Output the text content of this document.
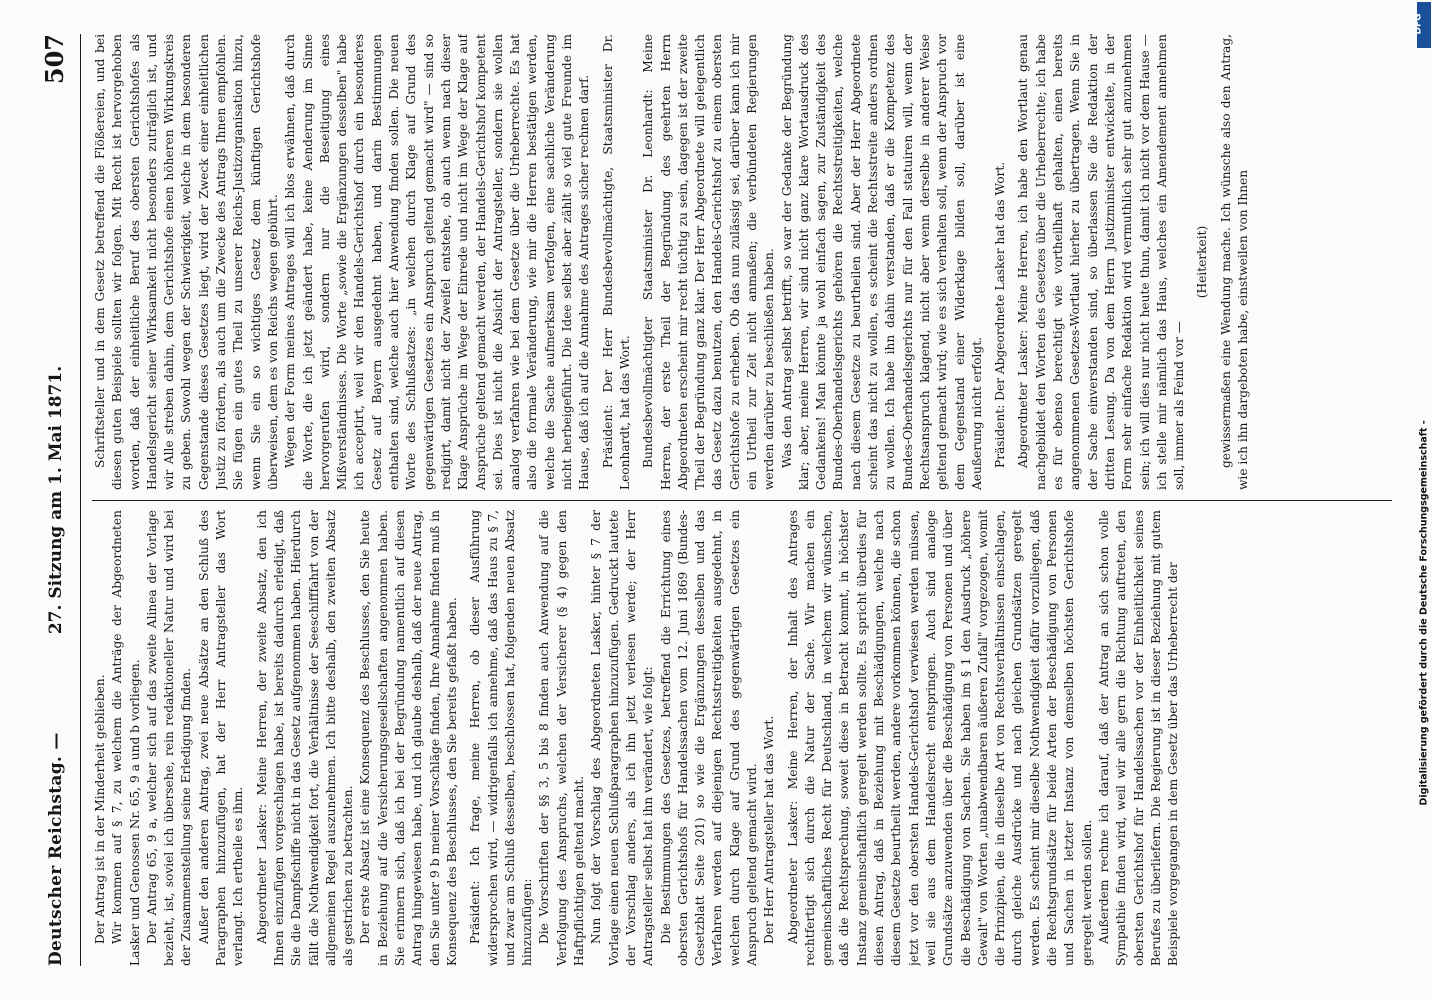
Deutscher Reichstag. —
27. Sitzung am 1. Mai 1871.
507

Der Antrag ist in der Minderheit geblieben. Wir kommen auf § 7, zu welchem die Anträge der Abgeordneten Lasker und Genossen Nr. 65, 9 a und b vorliegen. Der Antrag 65, 9 a, welcher sich auf das zweite Alinea der Vorlage bezieht, ist, soviel ich übersehe, rein redaktioneller Natur und wird bei der Zusammenstellung seine Erledigung finden. Außer den anderen Antrag, zwei neue Absätze an den Schluß des Paragraphen hinzuzufügen, hat der Herr Antragsteller das Wort verlangt. Ich ertheile es ihm. Abgeordneter Lasker: Meine Herren, der zweite Absatz, den ich Ihnen einzufügen vorgeschlagen habe, ist bereits dadurch erledigt, daß Sie die Dampfschiffe nicht in das Gesetz aufgenommen haben. Hierdurch fällt die Nothwendigkeit fort, die Verhältnisse der Seeschifffahrt von der allgemeinen Regel auszunehmen. Ich bitte deshalb, den zweiten Absatz als gestrichen zu betrachten. Der erste Absatz ist eine Konsequenz des Beschlusses, den Sie heute in Beziehung auf die Versicherungsgesellschaften angenommen haben. Sie erinnern sich, daß ich bei der Begründung namentlich auf diesen Antrag hingewiesen habe, und ich glaube deshalb, daß der neue Antrag, den Sie unter 9 b meiner Vorschläge finden, Ihre Annahme finden muß in Konsequenz des Beschlusses, den Sie bereits gefaßt haben. Präsident: Ich frage, meine Herren, ob dieser Ausführung widersprochen wird, — widrigenfalls ich annehme, daß das Haus zu § 7, und zwar am Schluß desselben, beschlossen hat, folgenden neuen Absatz hinzuzufügen: Die Vorschriften der §§ 3, 5 bis 8 finden auch Anwendung auf die Verfolgung des Anspruchs, welchen der Versicherer (§ 4) gegen den Haftpflichtigen geltend macht. Nun folgt der Vorschlag des Abgeordneten Lasker, hinter § 7 der Vorlage einen neuen Schlußparagraphen hinzuzufügen. Gedruckt lautete der Vorschlag anders, als ich ihn jetzt verlesen werde; der Herr Antragsteller selbst hat ihn verändert, wie folgt: Die Bestimmungen des Gesetzes, betreffend die Errichtung eines obersten Gerichtshofs für Handelssachen vom 12. Juni 1869 (Bundes-Gesetzblatt Seite 201) so wie die Ergänzungen desselben und das Verfahren werden auf diejenigen Rechtsstreitigkeiten ausgedehnt, in welchen durch Klage auf Grund des gegenwärtigen Gesetzes ein Anspruch geltend gemacht wird. Der Herr Antragsteller hat das Wort. Abgeordneter Lasker: Meine Herren, der Inhalt des Antrages rechtfertigt sich durch die Natur der Sache. Wir machen ein gemeinschaftliches Recht für Deutschland, in welchem wir wünschen, daß die Rechtsprechung, soweit diese in Betracht kommt, in höchster Instanz gemeinschaftlich geregelt werden sollte. Es spricht überdies für diesen Antrag, daß in Beziehung mit Beschädigungen, welche nach diesem Gesetze beurtheilt werden, andere vorkommen können, die schon jetzt vor den obersten Handels-Gerichtshof verwiesen werden müssen, weil sie aus dem Handelsrecht entspringen. Auch sind analoge Grundsätze anzuwenden über die Beschädigung von Personen und über die Beschädigung von Sachen. Sie haben im § 1 den Ausdruck „höhere Gewalt" von Worten „unabwendbaren äußeren Zufall" vorgezogen, womit die Prinzipien, die in dieselbe Art von Rechtsverhältnissen einschlagen, durch gleiche Ausdrücke und nach gleichen Grundsätzen geregelt werden. Es scheint mir dieselbe Nothwendigkeit dafür vorzuliegen, daß die Rechtsgrundsätze für beide Arten der Beschädigung von Personen und Sachen in letzter Instanz von demselben höchsten Gerichtshofe geregelt werden sollen. Außerdem rechne ich darauf, daß der Antrag an sich schon volle Sympathie finden wird, weil wir alle gern die Richtung auftreten, den obersten Gerichtshof für Handelssachen vor der Einheitlichkeit seines Berufes zu überliefern. Die Regierung ist in dieser Beziehung mit gutem Beispiele vorgegangen in dem Gesetz über das Urheberrecht der

Schriftsteller und in dem Gesetz betreffend die Flößereien, und bei diesen guten Beispiele sollten wir folgen. Mit Recht ist hervorgehoben worden, daß der einheitliche Beruf des obersten Gerichtshofes als Handelsgericht seiner Wirksamkeit nicht besonders zuträglich ist, und wir Alle streben dahin, dem Gerichtshofe einen höheren Wirkungskreis zu geben. Sowohl wegen der Schwierigkeit, welche in dem besonderen Gegenstande dieses Gesetzes liegt, wird der Zweck einer einheitlichen Justiz zu fördern, als auch um die Zwecke des Antrags Ihnen empfohlen. Sie fügen ein gutes Theil zu unserer Reichs-Justizorganisation hinzu, wenn Sie ein so wichtiges Gesetz dem künftigen Gerichtshofe überweisen, dem es von Reichs wegen gebührt. Wegen der Form meines Antrages will ich blos erwähnen, daß durch die Worte, die ich jetzt geändert habe, keine Aenderung im Sinne hervorgerufen wird, sondern nur die Beseitigung eines Mißverständnisses. Die Worte „sowie die Ergänzungen desselben" habe ich acceptirt, weil wir den Handels-Gerichtshof durch ein besonderes Gesetz auf Bayern ausgedehnt haben, und darin Bestimmungen enthalten sind, welche auch hier Anwendung finden sollen. Die neuen Worte des Schlußsatzes: „in welchen durch Klage auf Grund des gegenwärtigen Gesetzes ein Anspruch geltend gemacht wird" — sind so redigirt, damit nicht der Zweifel entstehe, ob auch wenn nach dieser Klage Ansprüche im Wege der Einrede und nicht im Wege der Klage auf Ansprüche geltend gemacht werden, der Handels-Gerichtshof kompetent sei. Dies ist nicht die Absicht der Antragsteller, sondern sie wollen analog verfahren wie bei dem Gesetze über die Urheberrechte. Es hat also die formale Veränderung, wie mir die Herren bestätigen werden, welche die Sache aufmerksam verfolgen, eine sachliche Veränderung nicht herbeigeführt. Die Idee selbst aber zählt so viel gute Freunde im Hause, daß ich auf die Annahme des Antrages sicher rechnen darf. Präsident: Der Herr Bundesbevollmächtigte, Staatsminister Dr. Leonhardt, hat das Wort. Bundesbevollmächtigter Staatsminister Dr. Leonhardt: Meine Herren, der erste Theil der Begründung des geehrten Herrn Abgeordneten erscheint mir recht tüchtig zu sein, dagegen ist der zweite Theil der Begründung ganz klar. Der Herr Abgeordnete will gelegentlich das Gesetz dazu benutzen, den Handels-Gerichtshof zu einem obersten Gerichtshofe zu erheben. Ob das nun zulässig sei, darüber kann ich mir ein Urtheil zur Zeit nicht anmaßen; die verbündeten Regierungen werden darüber zu beschließen haben. Was den Antrag selbst betrifft, so war der Gedanke der Begründung klar; aber, meine Herren, wir sind nicht ganz klare Wortausdruck des Gedankens! Man könnte ja wohl einfach sagen, zur Zuständigkeit des Bundes-Oberhandelsgerichts gehören die Rechtsstreitigkeiten, welche nach diesem Gesetze zu beurtheilen sind. Aber der Herr Abgeordnete scheint das nicht zu wollen, es scheint die Rechtsstreite anders ordnen zu wollen. Ich habe ihn dahin verstanden, daß er die Kompetenz des Bundes-Oberhandelsgerichts nur für den Fall statuiren will, wenn der Rechtsanspruch klagend, nicht aber wenn derselbe in anderer Weise geltend gemacht wird; wie es sich verhalten soll, wenn der Anspruch vor dem Gegenstand einer Widerklage bilden soll, darüber ist eine Aeußerung nicht erfolgt. Präsident: Der Abgeordnete Lasker hat das Wort. Abgeordneter Lasker: Meine Herren, ich habe den Wortlaut genau nachgebildet den Worten des Gesetzes über die Urheberrechte; ich habe es für ebenso berechtigt wie vortheilhaft gehalten, einen bereits angenommenen Gesetzes-Wortlaut hierher zu übertragen. Wenn Sie in der Sache einverstanden sind, so überlassen Sie die Redaktion der dritten Lesung. Da von dem Herrn Justizminister entwickelte, in der Form sehr einfache Redaktion wird vermuthlich sehr gut anzunehmen sein; ich will dies nur nicht heute thun, damit ich nicht vor dem Hause — ich stelle mir nämlich das Haus, welches ein Amendement annehmen soll, immer als Feind vor —

(Heiterkeit) gewissermaßen eine Wendung mache. Ich wünsche also den Antrag, wie ich ihn dargeboten habe, einstweilen von Ihnen

DFG
Digitalisierung gefördert durch die Deutsche Forschungsgemeinschaft -
